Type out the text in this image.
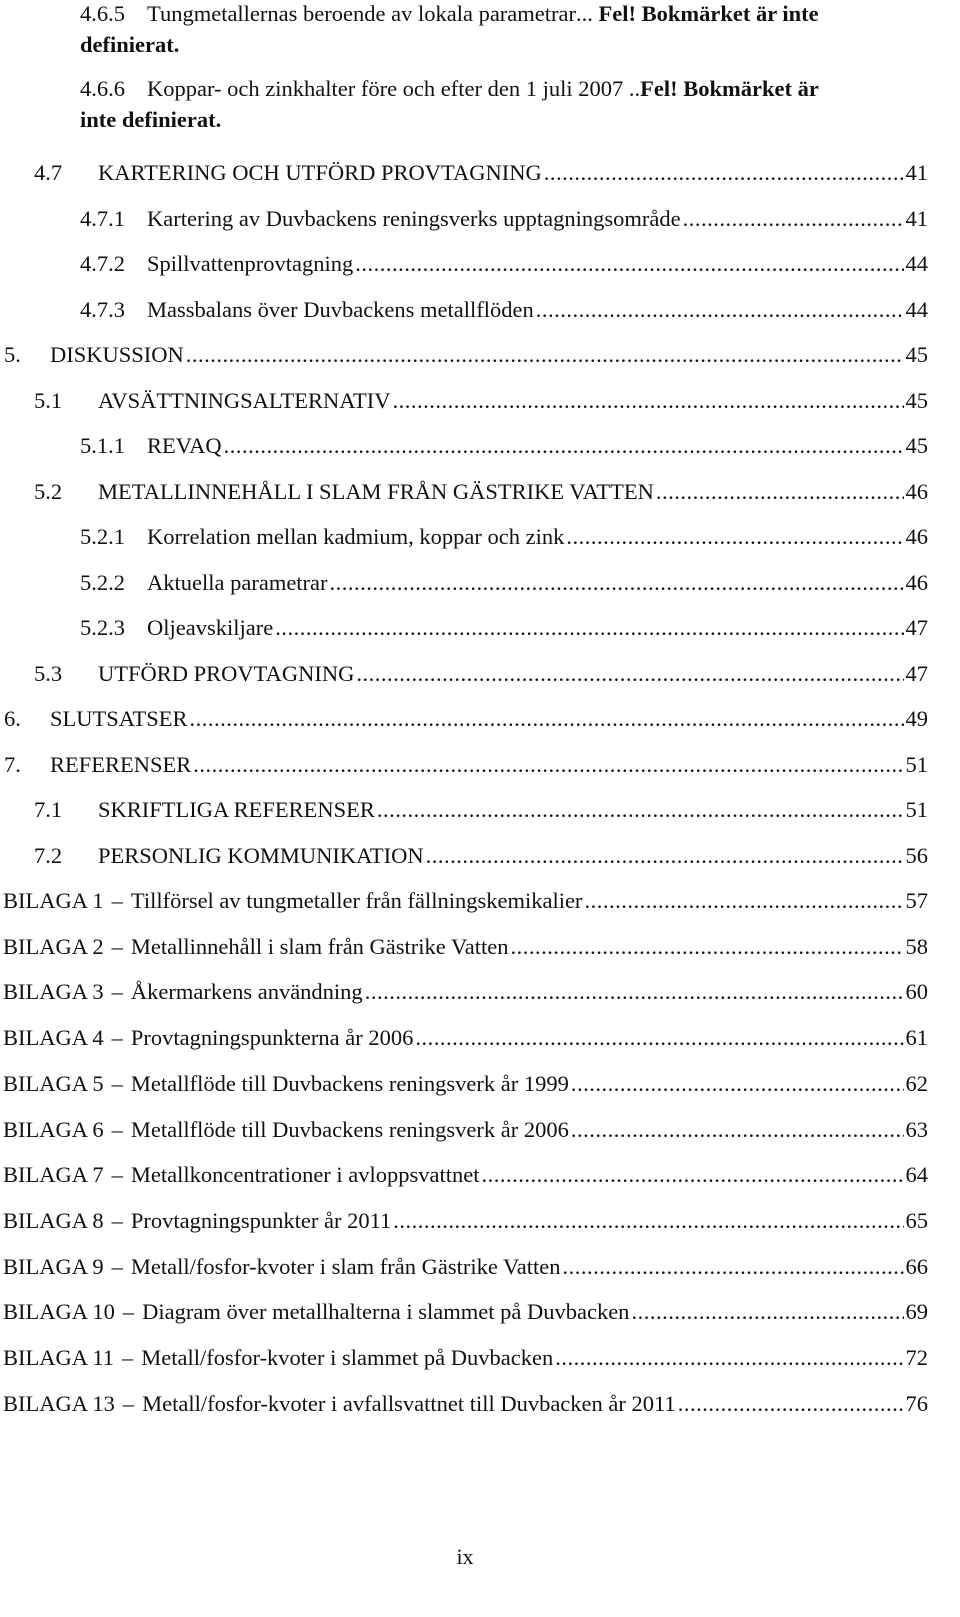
4.6.5 Tungmetallernas beroende av lokala parametrar ...
Fel! Bokmärket är inte
definierat.
4.6.6 Koppar- och zinkhalter före och efter den 1 juli 2007
.. Fel! Bokmärket är
inte definierat.
4.7 KARTERING OCH UTFÖRD PROVTAGNING .....	41
4.7.1 Kartering av Duvbackens reningsverks upptagningsområde .....	41
4.7.2 Spillvattenprovtagning .....	44
4.7.3 Massbalans över Duvbackens metallflöden .....	44
5. DISKUSSION .....	45
5.1 AVSÄTTNINGSALTERNATIV .....	45
5.1.1 REVAQ .....	45
5.2 METALLINNEHÅLL I SLAM FRÅN GÄSTRIKE VATTEN .....	46
5.2.1 Korrelation mellan kadmium, koppar och zink .....	46
5.2.2 Aktuella parametrar .....	46
5.2.3 Oljeavskiljare .....	47
5.3 UTFÖRD PROVTAGNING .....	47
6. SLUTSATSER .....	49
7. REFERENSER .....	51
7.1 SKRIFTLIGA REFERENSER .....	51
7.2 PERSONLIG KOMMUNIKATION .....	56
BILAGA 1 – Tillförsel av tungmetaller från fällningskemikalier .....	57
BILAGA 2 – Metallinnehåll i slam från Gästrike Vatten .....	58
BILAGA 3 – Åkermarkens användning .....	60
BILAGA 4 – Provtagningspunkterna år 2006 .....	61
BILAGA 5 – Metallflöde till Duvbackens reningsverk år 1999 .....	62
BILAGA 6 – Metallflöde till Duvbackens reningsverk år 2006 .....	63
BILAGA 7 – Metallkoncentrationer i avloppsvattnet .....	64
BILAGA 8 – Provtagningspunkter år 2011 .....	65
BILAGA 9 – Metall/fosfor-kvoter i slam från Gästrike Vatten .....	66
BILAGA 10 – Diagram över metallhalterna i slammet på Duvbacken .....	69
BILAGA 11 – Metall/fosfor-kvoter i slammet på Duvbacken .....	72
BILAGA 13 – Metall/fosfor-kvoter i avfallsvattnet till Duvbacken år 2011 .....	76
ix
